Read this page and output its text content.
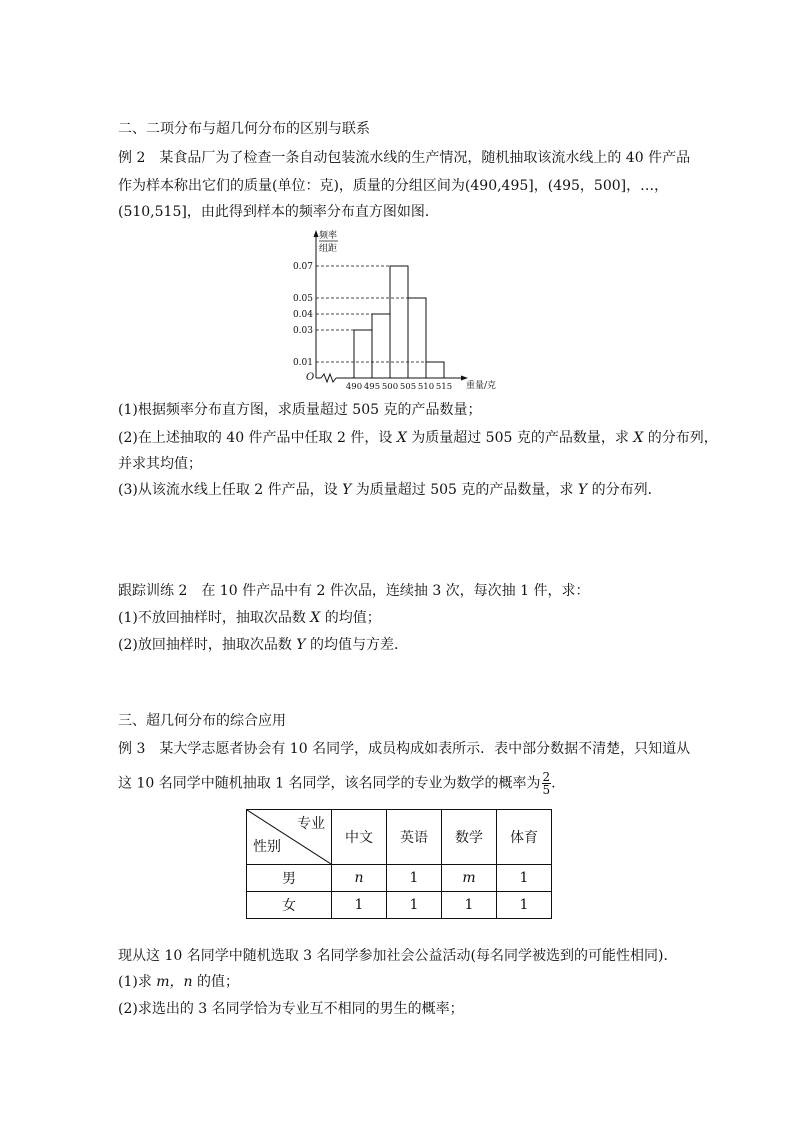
二、二项分布与超几何分布的区别与联系
例 2　某食品厂为了检查一条自动包装流水线的生产情况，随机抽取该流水线上的 40 件产品
作为样本称出它们的质量(单位：克)，质量的分组区间为(490,495]，(495，500]，…，
(510,515]，由此得到样本的频率分布直方图如图．
频率
组距
O
重量/克
0.01
0.03
0.04
0.05
0.07
490 495 500 505 510 515
(1)根据频率分布直方图，求质量超过 505 克的产品数量；
(2)在上述抽取的 40 件产品中任取 2 件，设 X 为质量超过 505 克的产品数量，求 X 的分布列，
并求其均值；
(3)从该流水线上任取 2 件产品，设 Y 为质量超过 505 克的产品数量，求 Y 的分布列．
跟踪训练 2　在 10 件产品中有 2 件次品，连续抽 3 次，每次抽 1 件，求：
(1)不放回抽样时，抽取次品数 X 的均值；
(2)放回抽样时，抽取次品数 Y 的均值与方差．
三、超几何分布的综合应用
例 3　某大学志愿者协会有 10 名同学，成员构成如表所示．表中部分数据不清楚，只知道从
这 10 名同学中随机抽取 1 名同学，该名同学的专业为数学的概率为 $\frac{2}{5}$ .
专业
性别	中文	英语	数学	体育
男	n	1	m	1
女	1	1	1	1
现从这 10 名同学中随机选取 3 名同学参加社会公益活动(每名同学被选到的可能性相同)．
(1)求 m，n 的值；
(2)求选出的 3 名同学恰为专业互不相同的男生的概率；
